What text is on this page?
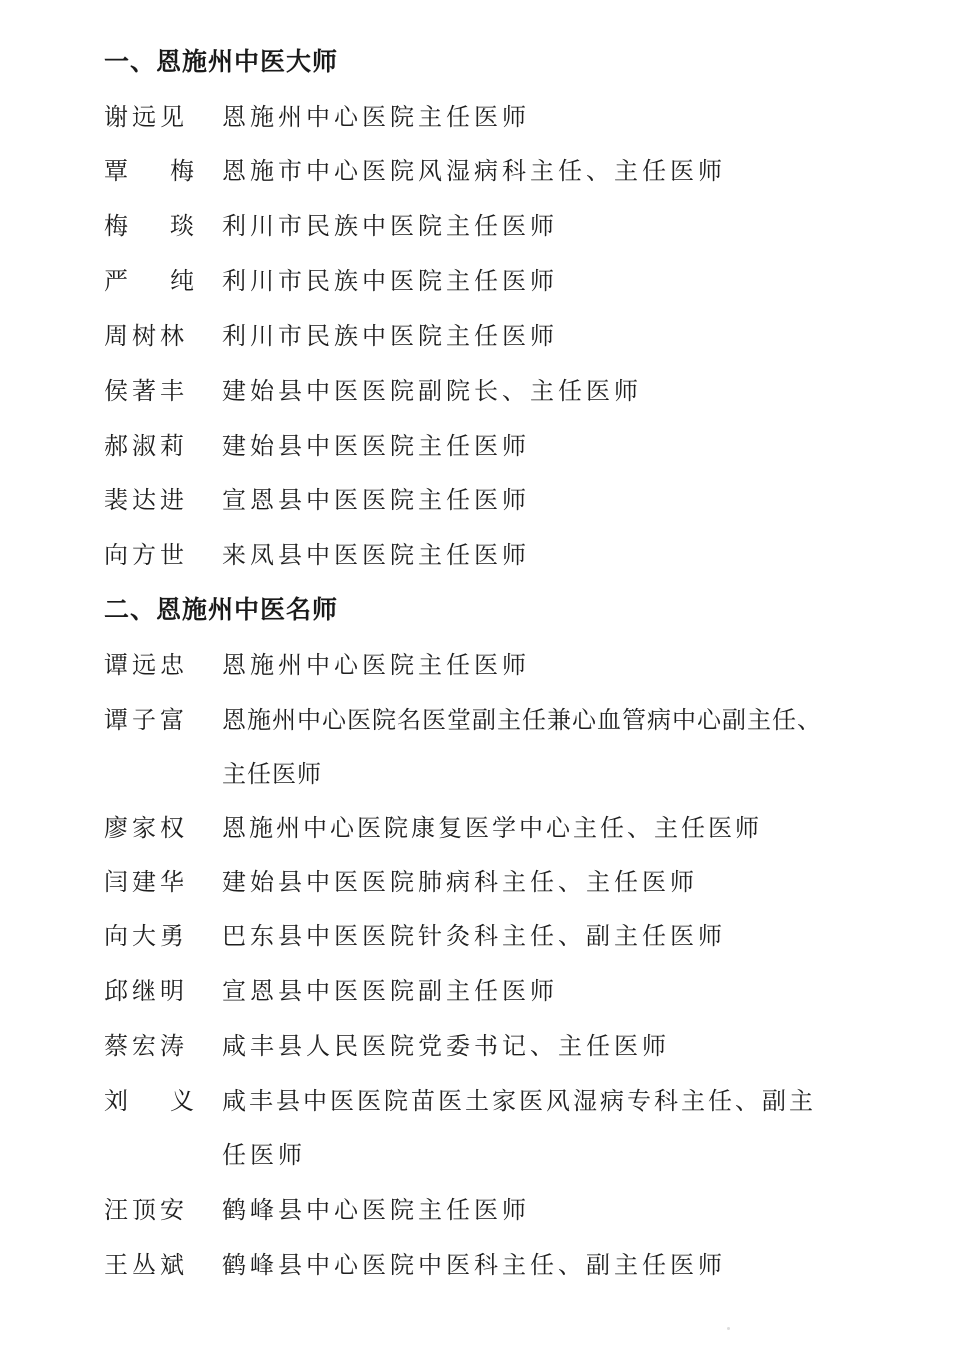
一、恩施州中医大师
谢远见 恩施州中心医院主任医师
覃 梅 恩施市中心医院风湿病科主任、主任医师
梅 琰 利川市民族中医院主任医师
严 纯 利川市民族中医院主任医师
周树林 利川市民族中医院主任医师
侯著丰 建始县中医医院副院长、主任医师
郝淑莉 建始县中医医院主任医师
裴达进 宣恩县中医医院主任医师
向方世 来凤县中医医院主任医师
二、恩施州中医名师
谭远忠 恩施州中心医院主任医师
谭子富 恩施州中心医院名医堂副主任兼心血管病中心副主任、
主任医师
廖家权 恩施州中心医院康复医学中心主任、主任医师
闫建华 建始县中医医院肺病科主任、主任医师
向大勇 巴东县中医医院针灸科主任、副主任医师
邱继明 宣恩县中医医院副主任医师
蔡宏涛 咸丰县人民医院党委书记、主任医师
刘 义 咸丰县中医医院苗医土家医风湿病专科主任、副主
任医师
汪顶安 鹤峰县中心医院主任医师
王丛斌 鹤峰县中心医院中医科主任、副主任医师
